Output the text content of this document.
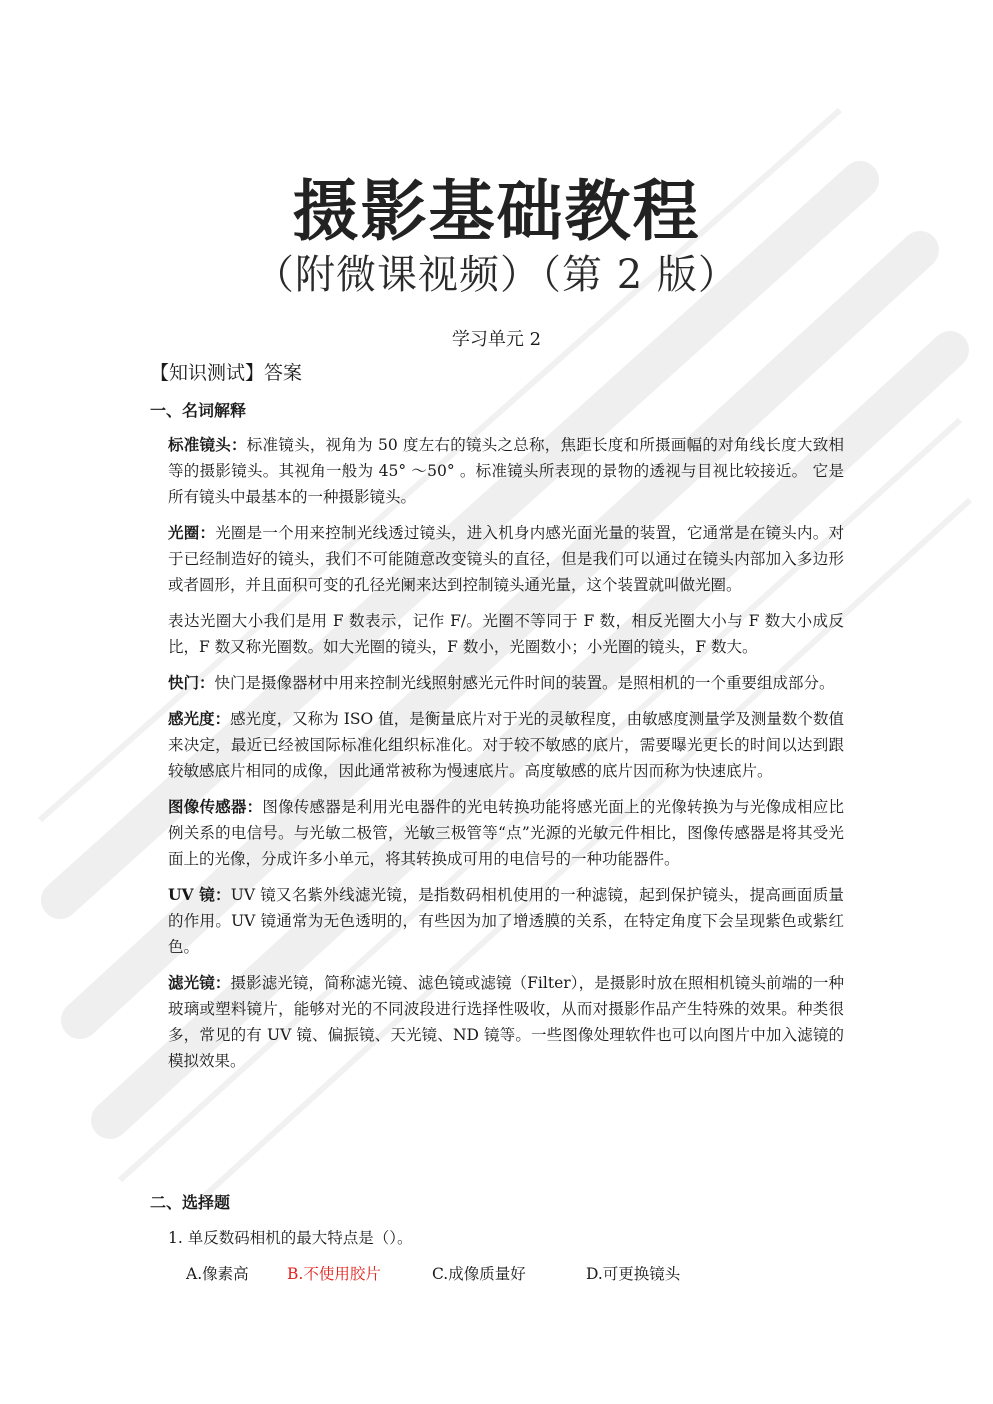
摄影基础教程
（附微课视频）（第 2 版）
学习单元 2
【知识测试】答案
一、名词解释

标准镜头：标准镜头，视角为 50 度左右的镜头之总称，焦距长度和所摄画幅的对角线长度大致相等的摄影镜头。其视角一般为 45° ～50° 。标准镜头所表现的景物的透视与目视比较接近。 它是所有镜头中最基本的一种摄影镜头。

光圈：光圈是一个用来控制光线透过镜头，进入机身内感光面光量的装置，它通常是在镜头内。对于已经制造好的镜头，我们不可能随意改变镜头的直径，但是我们可以通过在镜头内部加入多边形或者圆形，并且面积可变的孔径光阑来达到控制镜头通光量，这个装置就叫做光圈。

表达光圈大小我们是用 F 数表示，记作 F/。光圈不等同于 F 数，相反光圈大小与 F 数大小成反比，F 数又称光圈数。如大光圈的镜头，F 数小，光圈数小；小光圈的镜头，F 数大。

快门：快门是摄像器材中用来控制光线照射感光元件时间的装置。是照相机的一个重要组成部分。

感光度：感光度，又称为 ISO 值，是衡量底片对于光的灵敏程度，由敏感度测量学及测量数个数值来决定，最近已经被国际标准化组织标准化。对于较不敏感的底片，需要曝光更长的时间以达到跟较敏感底片相同的成像，因此通常被称为慢速底片。高度敏感的底片因而称为快速底片。

图像传感器：图像传感器是利用光电器件的光电转换功能将感光面上的光像转换为与光像成相应比例关系的电信号。与光敏二极管，光敏三极管等“点”光源的光敏元件相比，图像传感器是将其受光面上的光像，分成许多小单元，将其转换成可用的电信号的一种功能器件。

UV 镜：UV 镜又名紫外线滤光镜，是指数码相机使用的一种滤镜，起到保护镜头，提高画面质量的作用。UV 镜通常为无色透明的，有些因为加了增透膜的关系，在特定角度下会呈现紫色或紫红色。

滤光镜：摄影滤光镜，简称滤光镜、滤色镜或滤镜（Filter），是摄影时放在照相机镜头前端的一种玻璃或塑料镜片，能够对光的不同波段进行选择性吸收，从而对摄影作品产生特殊的效果。种类很多，常见的有 UV 镜、偏振镜、天光镜、ND 镜等。一些图像处理软件也可以向图片中加入滤镜的模拟效果。

二、选择题
1. 单反数码相机的最大特点是（）。
A.像素高 B.不使用胶片	C.成像质量好	D.可更换镜头
